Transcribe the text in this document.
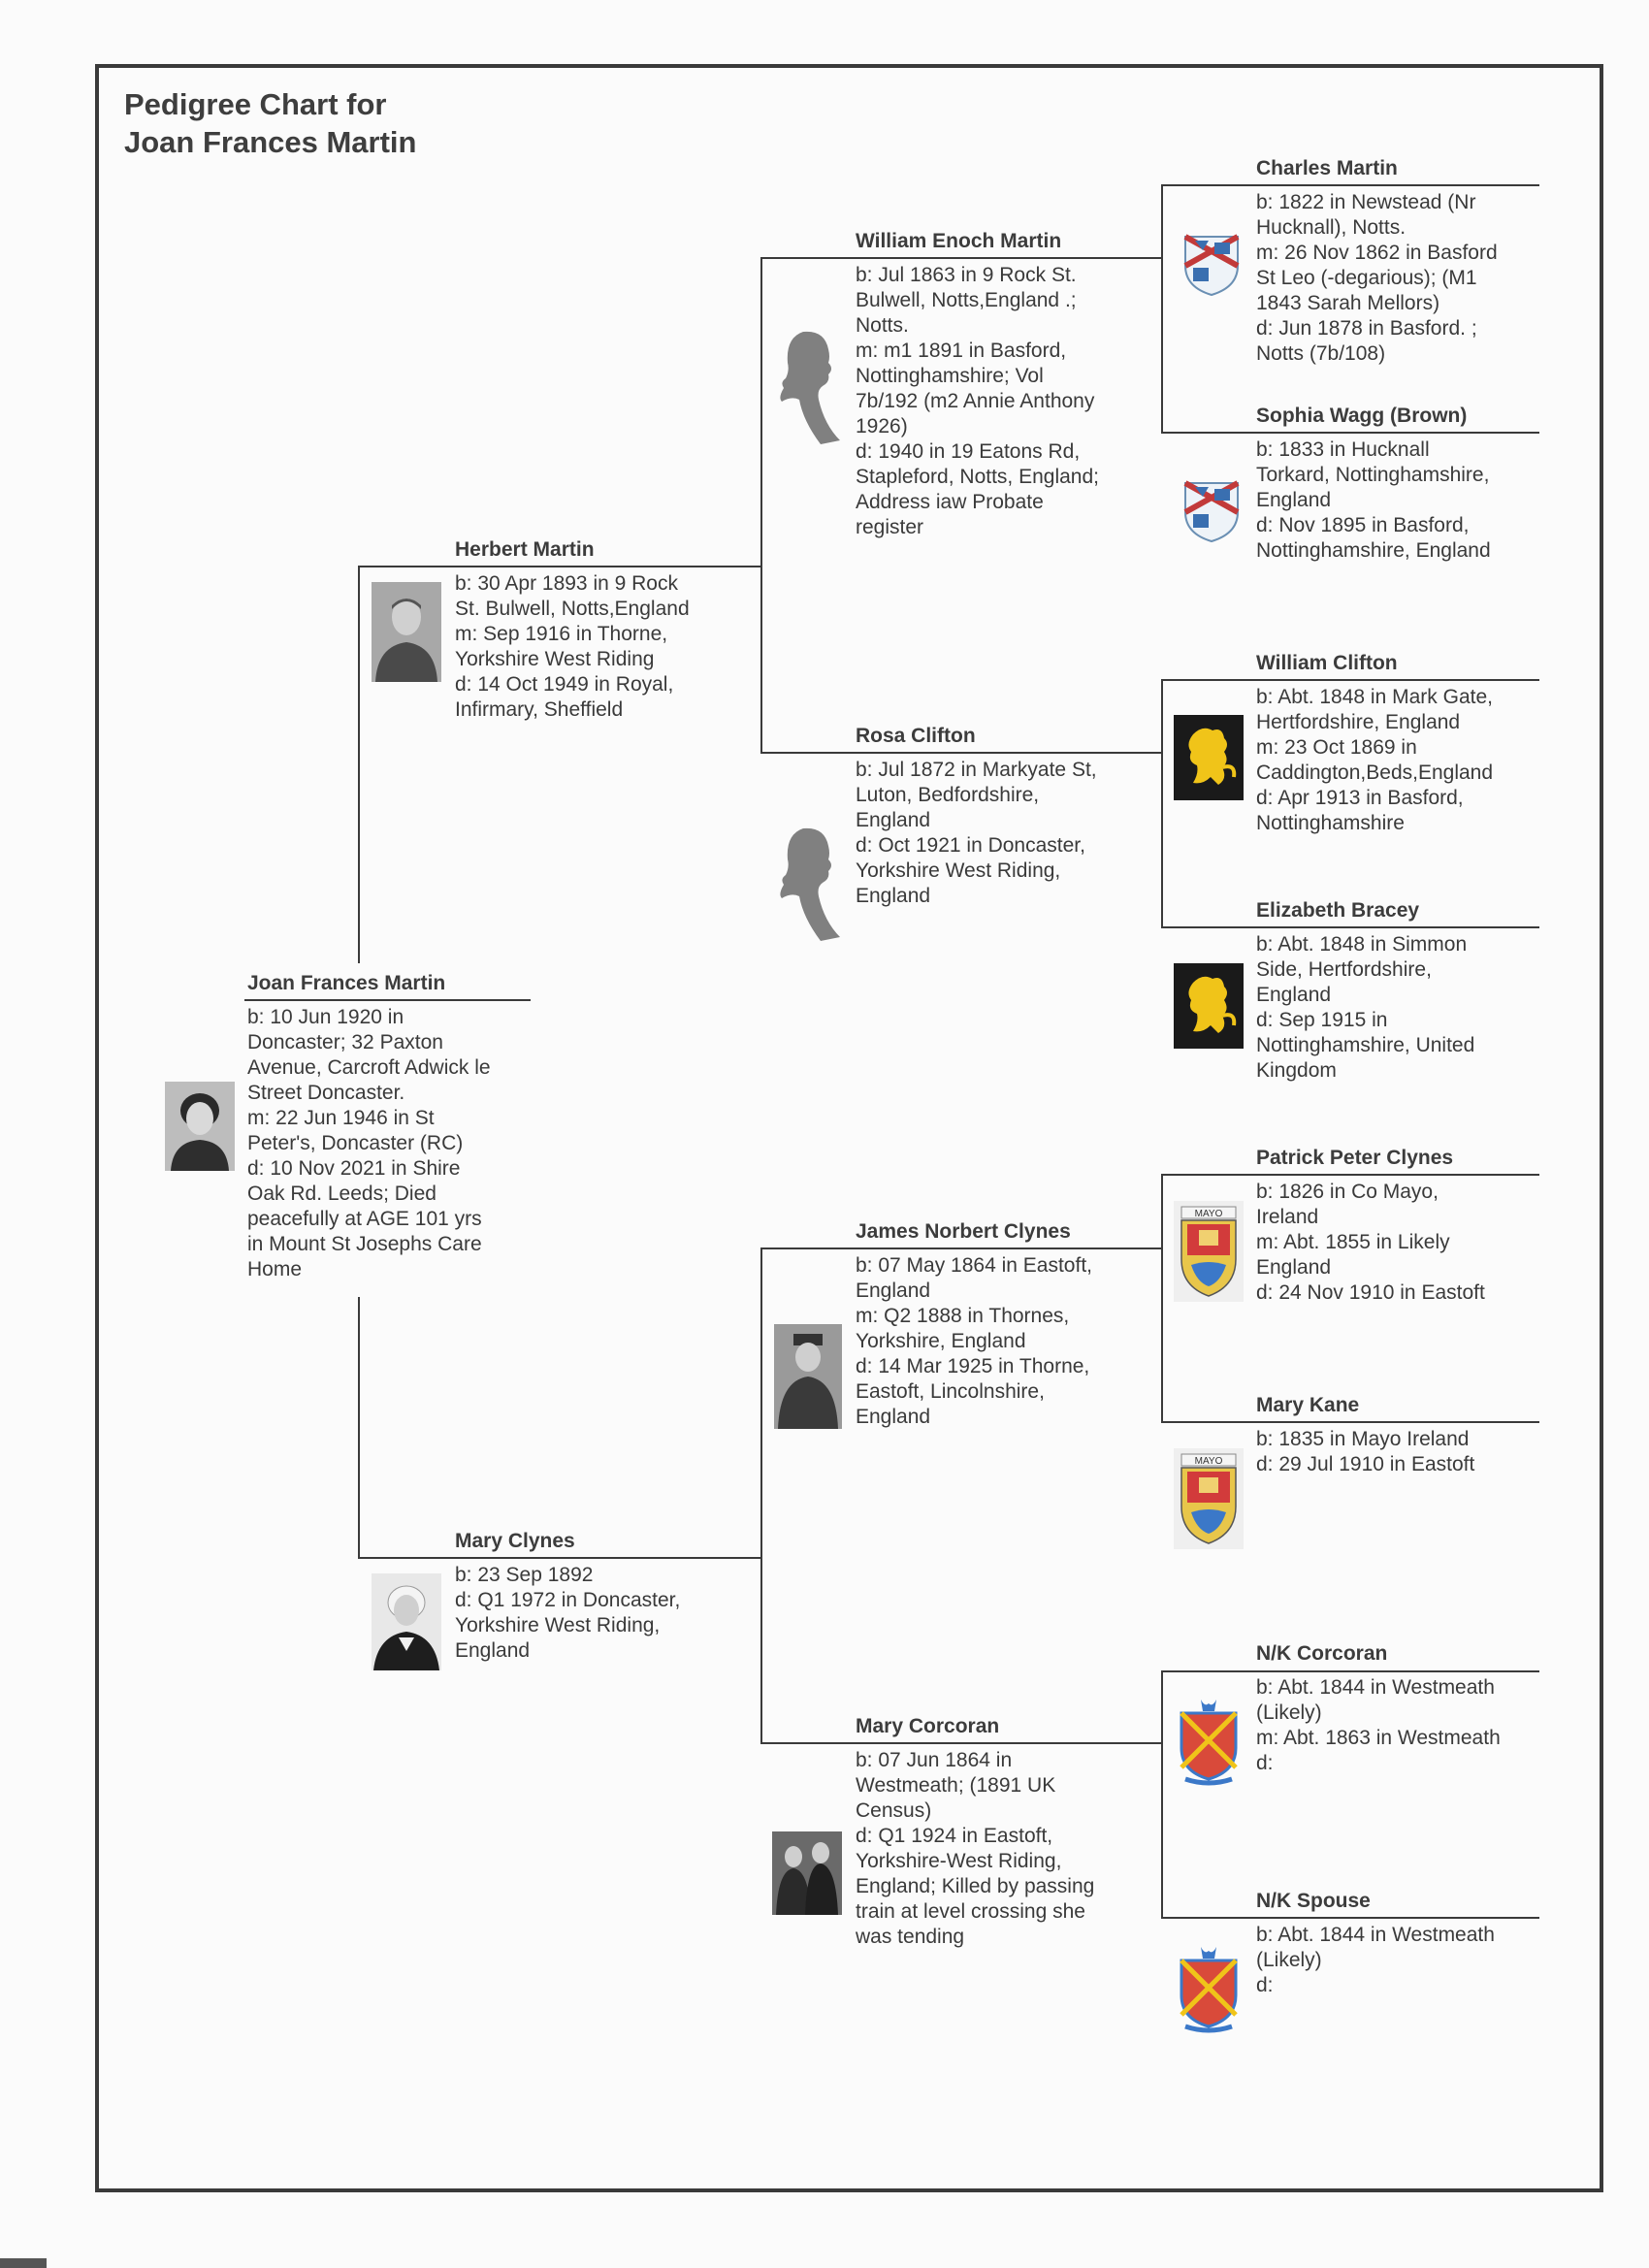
Pedigree Chart for
Joan Frances Martin
Joan Frances Martin
b: 10 Jun 1920 in
Doncaster; 32 Paxton
Avenue, Carcroft Adwick le
Street Doncaster.
m: 22 Jun 1946 in St
Peter's, Doncaster (RC)
d: 10 Nov 2021 in Shire
Oak Rd. Leeds; Died
peacefully at AGE 101 yrs
in Mount St Josephs Care
Home
Herbert Martin
b: 30 Apr 1893 in 9 Rock
St. Bulwell, Notts,England
m: Sep 1916 in Thorne,
Yorkshire West Riding
d: 14 Oct 1949 in Royal,
Infirmary, Sheffield
Mary Clynes
b: 23 Sep 1892
d: Q1 1972 in Doncaster,
Yorkshire West Riding,
England
William Enoch Martin
b: Jul 1863 in 9 Rock St.
Bulwell, Notts,England .;
Notts.
m: m1 1891 in Basford,
Nottinghamshire; Vol
7b/192 (m2 Annie Anthony
1926)
d: 1940 in 19 Eatons Rd,
Stapleford, Notts, England;
Address iaw Probate
register
Rosa Clifton
b: Jul 1872 in Markyate St,
Luton, Bedfordshire,
England
d: Oct 1921 in Doncaster,
Yorkshire West Riding,
England
James Norbert Clynes
b: 07 May 1864 in Eastoft,
England
m: Q2 1888 in Thornes,
Yorkshire, England
d: 14 Mar 1925 in Thorne,
Eastoft, Lincolnshire,
England
Mary Corcoran
b: 07 Jun 1864 in
Westmeath; (1891 UK
Census)
d: Q1 1924 in Eastoft,
Yorkshire-West Riding,
England; Killed by passing
train at level crossing she
was tending
Charles Martin
b: 1822 in Newstead (Nr
Hucknall), Notts.
m: 26 Nov 1862 in Basford
St Leo (-degarious); (M1
1843 Sarah Mellors)
d: Jun 1878 in Basford. ;
Notts (7b/108)
Sophia Wagg (Brown)
b: 1833 in Hucknall
Torkard, Nottinghamshire,
England
d: Nov 1895 in Basford,
Nottinghamshire, England
William Clifton
b: Abt. 1848 in Mark Gate,
Hertfordshire, England
m: 23 Oct 1869 in
Caddington,Beds,England
d: Apr 1913 in Basford,
Nottinghamshire
Elizabeth Bracey
b: Abt. 1848 in Simmon
Side, Hertfordshire,
England
d: Sep 1915 in
Nottinghamshire, United
Kingdom
Patrick Peter Clynes
b: 1826 in Co Mayo,
Ireland
m: Abt. 1855 in Likely
England
d: 24 Nov 1910 in Eastoft
MAYO
Mary Kane
b: 1835 in Mayo Ireland
d: 29 Jul 1910 in Eastoft
MAYO
N/K Corcoran
b: Abt. 1844 in Westmeath
(Likely)
m: Abt. 1863 in Westmeath
d:
N/K Spouse
b: Abt. 1844 in Westmeath
(Likely)
d:
